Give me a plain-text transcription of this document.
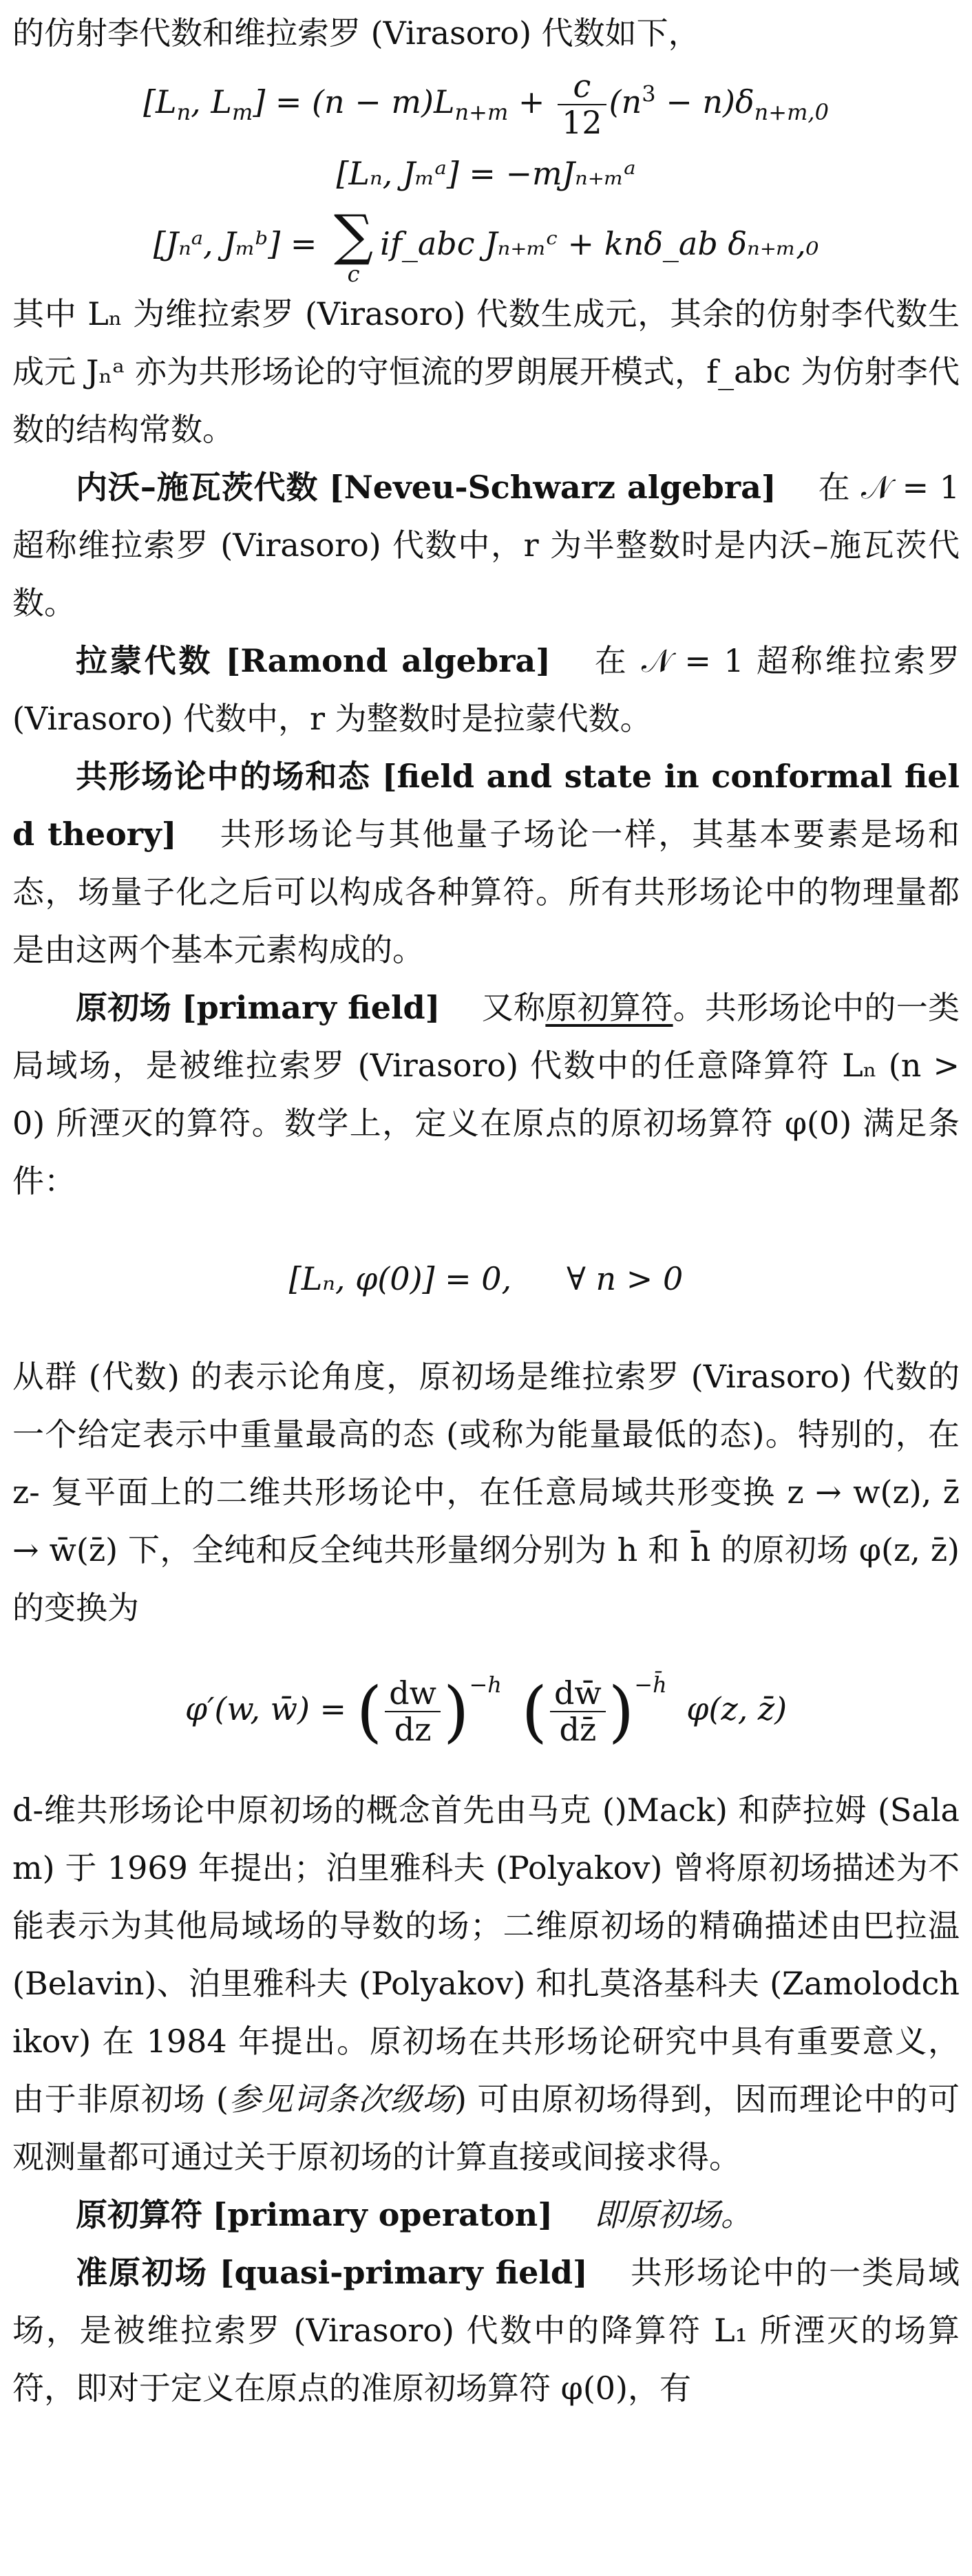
的仿射李代数和维拉索罗 (Virasoro) 代数如下，

[$L_n$, $L_m] = (n - m)L_{n+m} + \frac{c}{12} (n^3 - n)\delta_{n+m,0}$
[Lₙ, Jₘᵃ] = −mJₙ₊ₘᵃ
[Jₙᵃ, Jₘᵇ] = ∑
c
if_abc Jₙ₊ₘᶜ + knδ_ab δₙ₊ₘ,₀

其中 Lₙ 为维拉索罗 (Virasoro) 代数生成元，其余的仿射李代数生成元 Jₙᵃ 亦为共形场论的守恒流的罗朗展开模式，f_abc 为仿射李代数的结构常数。

内沃–施瓦茨代数 [Neveu-Schwarz algebra] 在 𝒩 = 1 超称维拉索罗 (Virasoro) 代数中，r 为半整数时是内沃–施瓦茨代数。

拉蒙代数 [Ramond algebra] 在 𝒩 = 1 超称维拉索罗 (Virasoro) 代数中，r 为整数时是拉蒙代数。

共形场论中的场和态 [field and state in conformal field theory] 共形场论与其他量子场论一样，其基本要素是场和态，场量子化之后可以构成各种算符。所有共形场论中的物理量都是由这两个基本元素构成的。

原初场 [primary field] 又称原初算符。共形场论中的一类局域场，是被维拉索罗 (Virasoro) 代数中的任意降算符 Lₙ (n > 0) 所湮灭的算符。数学上，定义在原点的原初场算符 φ(0) 满足条件：

[Lₙ, φ(0)] = 0, ∀ n > 0

从群 (代数) 的表示论角度，原初场是维拉索罗 (Virasoro) 代数的一个给定表示中重量最高的态 (或称为能量最低的态)。特别的，在 z- 复平面上的二维共形场论中，在任意局域共形变换 z → w(z), z̄ → w̄(z̄) 下，全纯和反全纯共形量纲分别为 h 和 h̄ 的原初场 φ(z, z̄) 的变换为

φ′(w, w̄) = ( $\frac{dw}{dz} )^{-h}$ ( $\frac{dw̄}{dz̄} )^{-h̄}$ φ(z, z̄)

d-维共形场论中原初场的概念首先由马克 ()Mack) 和萨拉姆 (Salam) 于 1969 年提出；泊里雅科夫 (Polyakov) 曾将原初场描述为不能表示为其他局域场的导数的场；二维原初场的精确描述由巴拉温 (Belavin)、泊里雅科夫 (Polyakov) 和扎莫洛基科夫 (Zamolodchikov) 在 1984 年提出。原初场在共形场论研究中具有重要意义，由于非原初场 (参见词条次级场) 可由原初场得到，因而理论中的可观测量都可通过关于原初场的计算直接或间接求得。

原初算符 [primary operaton] 即原初场。

准原初场 [quasi-primary field] 共形场论中的一类局域场，是被维拉索罗 (Virasoro) 代数中的降算符 L₁ 所湮灭的场算符，即对于定义在原点的准原初场算符 φ(0)，有
